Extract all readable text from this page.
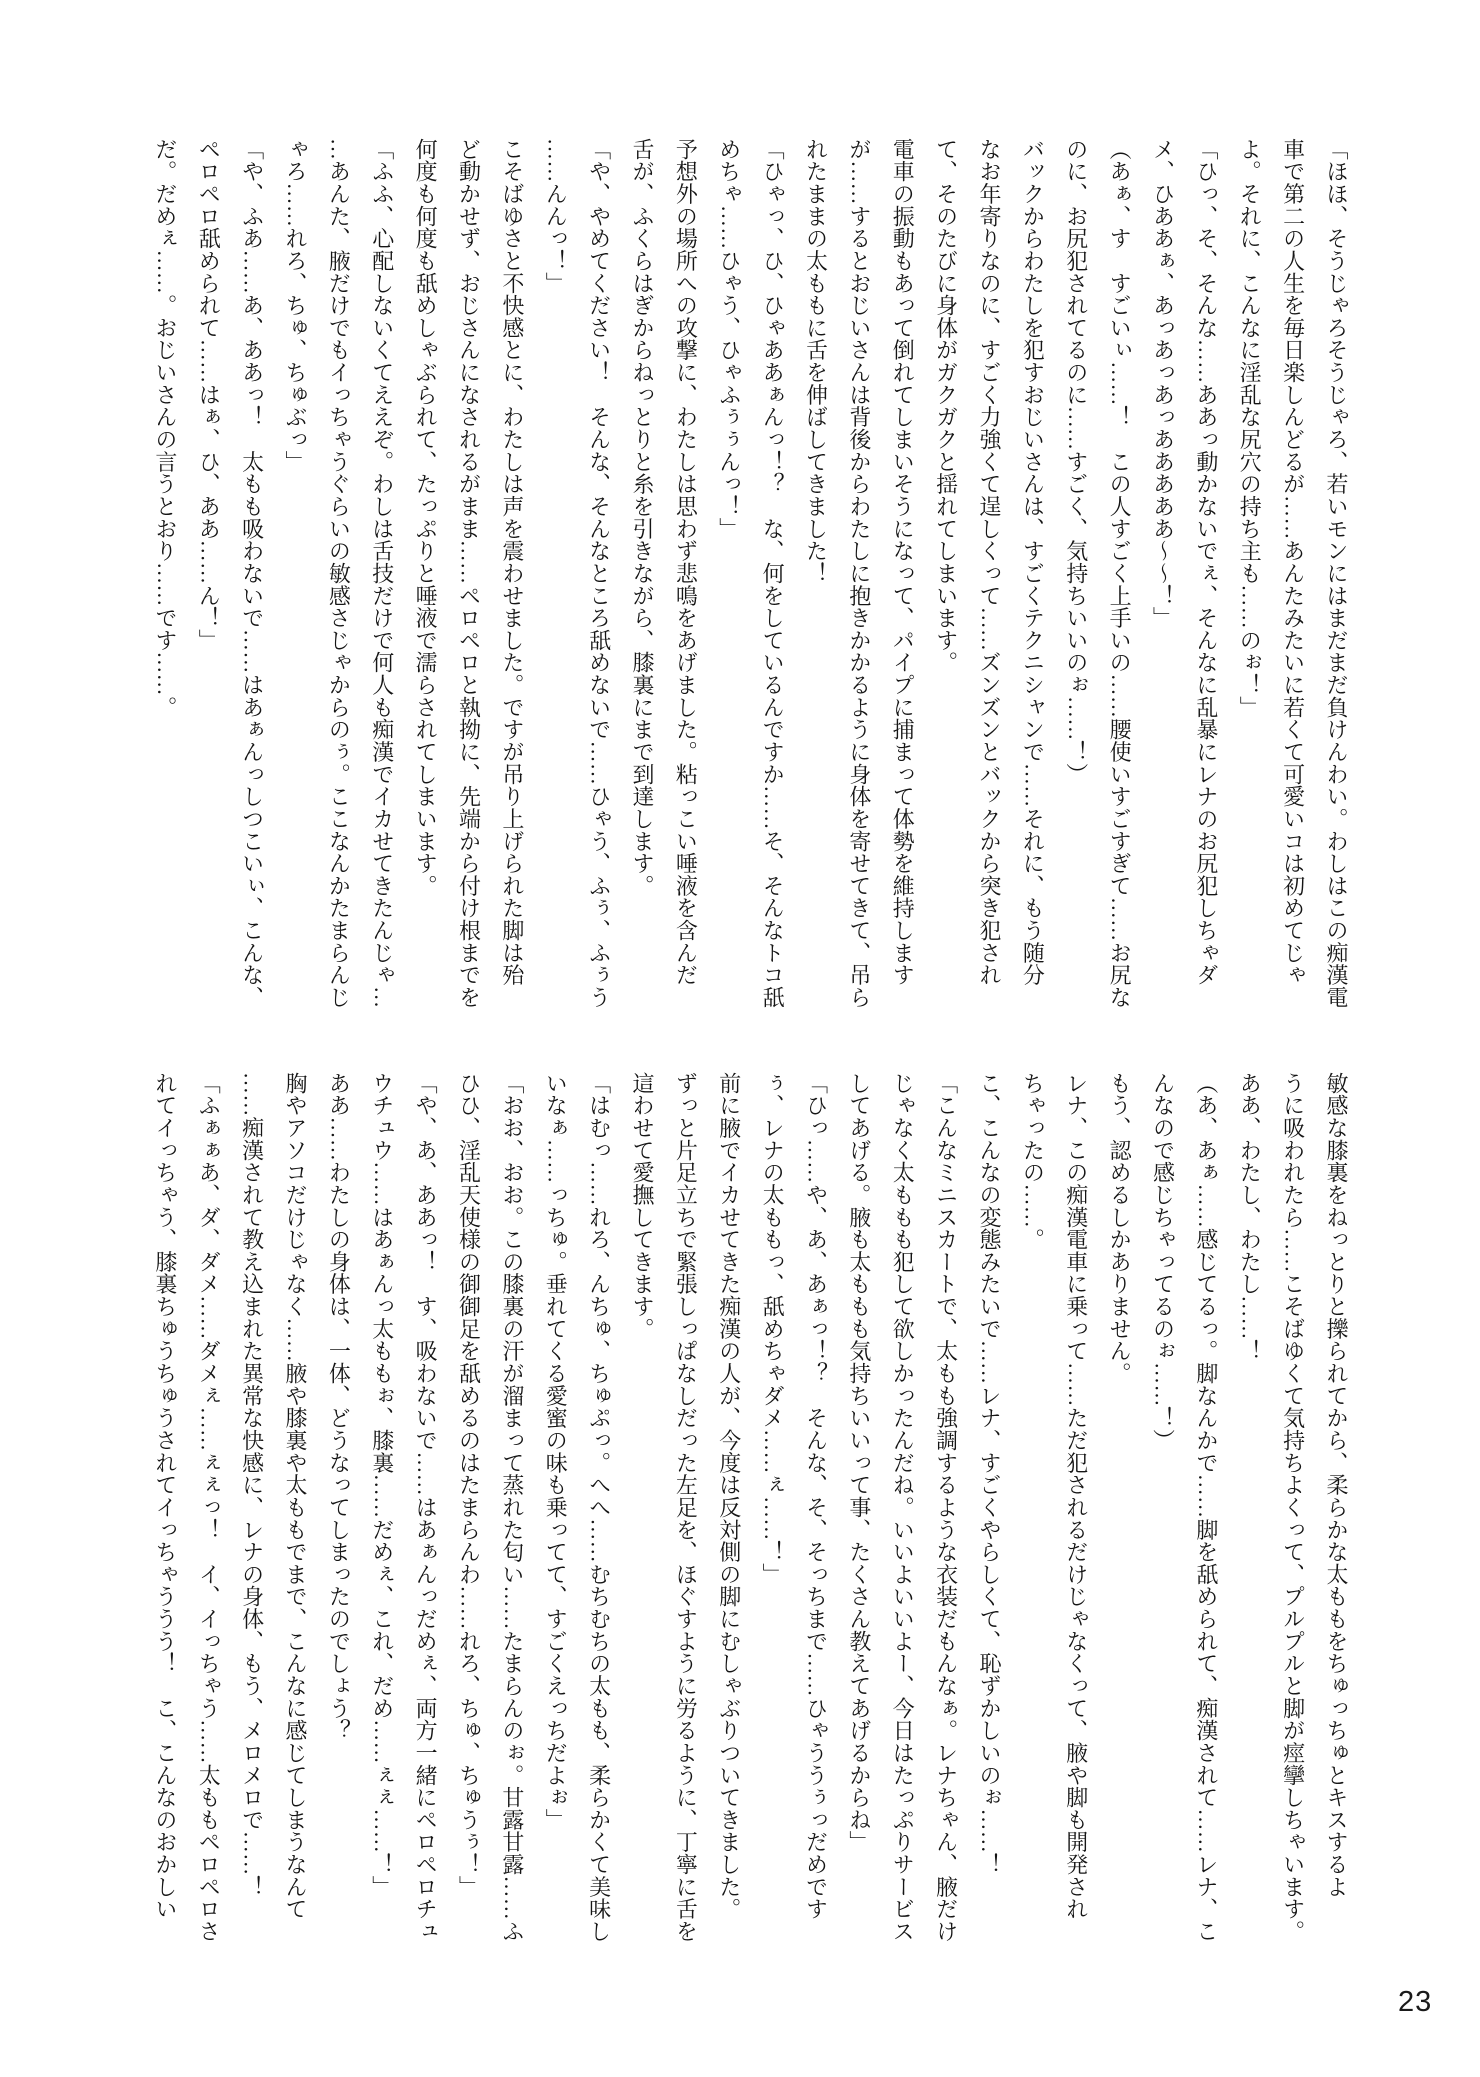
「ほほ、そうじゃろそうじゃろ、若いモンにはまだまだ負けんわい。わしはこの痴漢電

車で第二の人生を毎日楽しんどるが……あんたみたいに若くて可愛いコは初めてじゃ

よ。それに、こんなに淫乱な尻穴の持ち主も……のぉ！」

「ひっ、そ、そんな……ああっ動かないでぇ、そんなに乱暴にレナのお尻犯しちゃダ

メ、ひああぁ、あっあっあっあああああ～～！」

（あぁ、す　すごいぃ……！　この人すごく上手いの……腰使いすごすぎて……お尻な

のに、お尻犯されてるのに……すごく、気持ちいいのぉ……！）

バックからわたしを犯すおじいさんは、すごくテクニシャンで……それに、もう随分

なお年寄りなのに、すごく力強くて逞しくって……ズンズンとバックから突き犯され

て、そのたびに身体がガクガクと揺れてしまいます。

電車の振動もあって倒れてしまいそうになって、パイプに捕まって体勢を維持します

が……するとおじいさんは背後からわたしに抱きかかるように身体を寄せてきて、吊ら

れたままの太ももに舌を伸ばしてきました！

「ひゃっ、ひ、ひゃああぁんっ！？　な、何をしているんですか……そ、そんなトコ舐

めちゃ……ひゃう、ひゃふぅぅんっ！」

予想外の場所への攻撃に、わたしは思わず悲鳴をあげました。粘っこい唾液を含んだ

舌が、ふくらはぎからねっとりと糸を引きながら、膝裏にまで到達します。

「や、やめてください！　そんな、そんなところ舐めないで……ひゃう、ふぅ、ふぅう

……んんっ！」

こそばゆさと不快感とに、わたしは声を震わせました。ですが吊り上げられた脚は殆

ど動かせず、おじさんになされるがまま……ペロペロと執拗に、先端から付け根までを

何度も何度も舐めしゃぶられて、たっぷりと唾液で濡らされてしまいます。

「ふふ、心配しないくてええぞ。わしは舌技だけで何人も痴漢でイカせてきたんじゃ…

…あんた、腋だけでもイっちゃうぐらいの敏感さじゃからのぅ。ここなんかたまらんじ

ゃろ……れろ、ちゅ、ちゅぶっ」

「や、ふあ……あ、ああっ！　太もも吸わないで……はあぁんっしつこいぃ、こんな、

ペロペロ舐められて……はぁ、ひ、ああ……ん！」

だ。だめぇ……。おじいさんの言うとおり……です……。

敏感な膝裏をねっとりと擽られてから、柔らかな太ももをちゅっちゅとキスするよ

うに吸われたら……こそばゆくて気持ちよくって、プルプルと脚が痙攣しちゃいます。

ああ、わたし、わたし……！

（あ、あぁ……感じてるっ。脚なんかで……脚を舐められて、痴漢されて……レナ、こ

んなので感じちゃってるのぉ……！）

もう、認めるしかありません。

レナ、この痴漢電車に乗って……ただ犯されるだけじゃなくって、腋や脚も開発され

ちゃったの……。

こ、こんなの変態みたいで……レナ、すごくやらしくて、恥ずかしいのぉ……！

「こんなミニスカートで、太もも強調するような衣装だもんなぁ。レナちゃん、腋だけ

じゃなく太ももも犯して欲しかったんだね。いいよいいよー、今日はたっぷりサービス

してあげる。腋も太ももも気持ちいいって事、たくさん教えてあげるからね」

「ひっ……や、あ、あぁっ！？　そんな、そ、そっちまで……ひゃううぅっだめです

ぅ、レナの太ももっ、舐めちゃダメ……ぇ……！」

前に腋でイカせてきた痴漢の人が、今度は反対側の脚にむしゃぶりついてきました。

ずっと片足立ちで緊張しっぱなしだった左足を、ほぐすように労るように、丁寧に舌を

這わせて愛撫してきます。

「はむっ……れろ、んちゅ、ちゅぷっ。へへ……むちむちの太もも、柔らかくて美味し

いなぁ……っちゅ。垂れてくる愛蜜の味も乗ってて、すごくえっちだよぉ」

「おお、おお。この膝裏の汗が溜まって蒸れた匂い……たまらんのぉ。甘露甘露……ふ

ひひ、淫乱天使様の御御足を舐めるのはたまらんわ……れろ、ちゅ、ちゅうぅ！」

「や、あ、ああっ！　す、吸わないで……はあぁんっだめぇ、両方一緒にペロペロチュ

ウチュウ……はあぁんっ太ももぉ、膝裏……だめぇ、これ、だめ……ぇぇ……！」

ああ……わたしの身体は、一体、どうなってしまったのでしょう？

胸やアソコだけじゃなく……腋や膝裏や太ももでまで、こんなに感じてしまうなんて

……痴漢されて教え込まれた異常な快感に、レナの身体、もう、メロメロで……！

「ふぁぁあ、ダ、ダメ……ダメぇ……ぇぇっ！　イ、イっちゃう……太ももペロペロさ

れてイっちゃう、膝裏ちゅうちゅうされてイっちゃううう！　こ、こんなのおかしい

23
